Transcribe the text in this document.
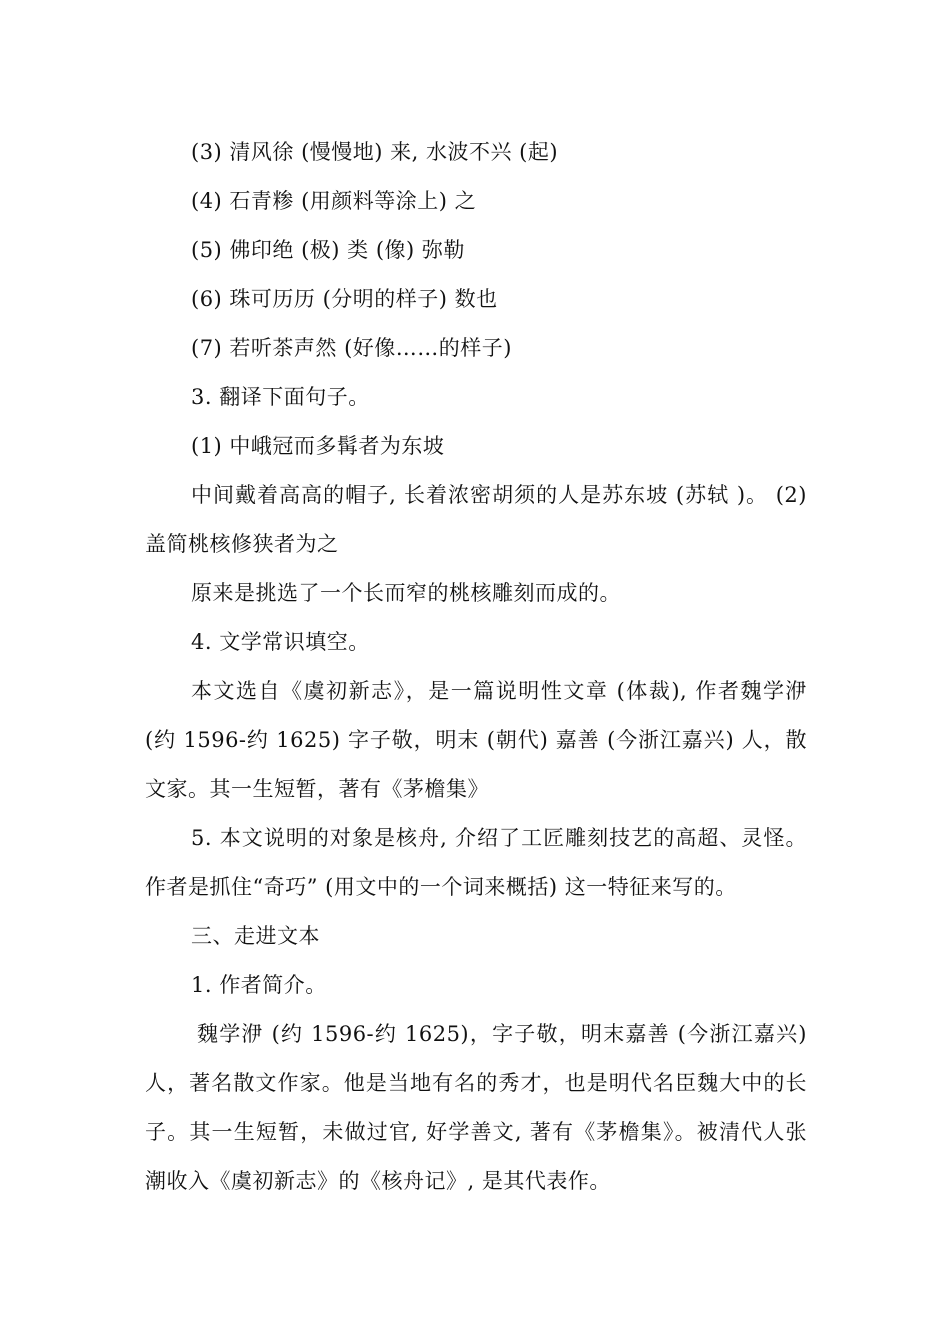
(3) 清风徐 (慢慢地) 来, 水波不兴 (起)

(4) 石青糁 (用颜料等涂上) 之

(5) 佛印绝 (极) 类 (像) 弥勒

(6) 珠可历历 (分明的样子) 数也

(7) 若听茶声然 (好像……的样子)

3. 翻译下面句子。

(1) 中峨冠而多髯者为东坡

中间戴着高高的帽子, 长着浓密胡须的人是苏东坡 (苏轼 )。 (2) 盖简桃核修狭者为之

原来是挑选了一个长而窄的桃核雕刻而成的。

4. 文学常识填空。

本文选自《虞初新志》，是一篇说明性文章 (体裁), 作者魏学洢 (约 1596-约 1625) 字子敬，明末 (朝代) 嘉善 (今浙江嘉兴) 人，散文家。其一生短暂，著有《茅檐集》

5. 本文说明的对象是核舟, 介绍了工匠雕刻技艺的高超、灵怪。作者是抓住“奇巧” (用文中的一个词来概括) 这一特征来写的。

三、走进文本

1. 作者简介。

魏学洢 (约 1596-约 1625)，字子敬，明末嘉善 (今浙江嘉兴) 人，著名散文作家。他是当地有名的秀才，也是明代名臣魏大中的长子。其一生短暂，未做过官, 好学善文, 著有《茅檐集》。被清代人张潮收入《虞初新志》的《核舟记》, 是其代表作。
